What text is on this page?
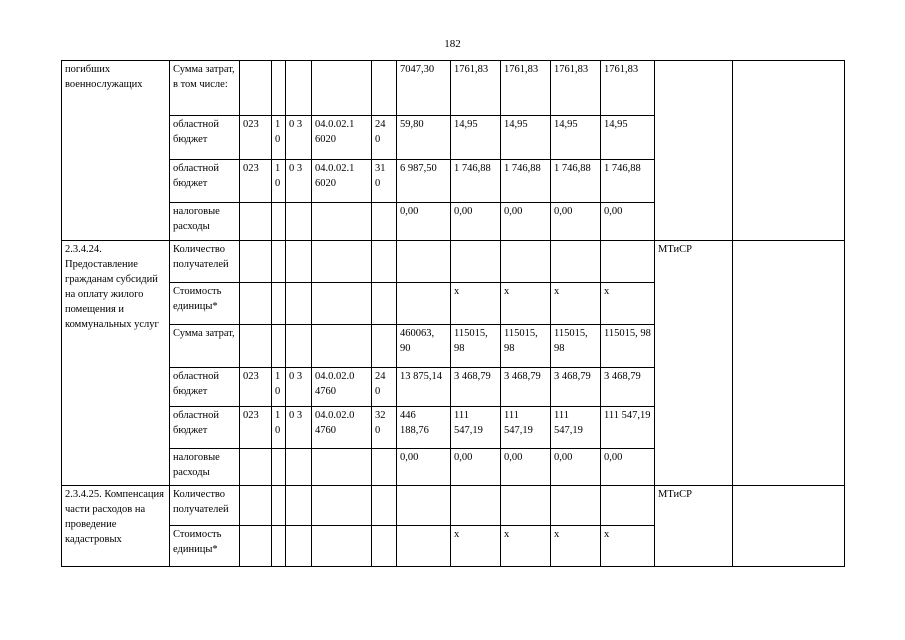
182
погибших военнослужащих	Сумма затрат, в том числе:						7047,30	1761,83	1761,83	1761,83	1761,83		
	областной бюджет	023	1 0	0 3	04.0.02.1 6020	24 0	59,80	14,95	14,95	14,95	14,95		
	областной бюджет	023	1 0	0 3	04.0.02.1 6020	31 0	6 987,50	1 746,88	1 746,88	1 746,88	1 746,88		
	налоговые расходы						0,00	0,00	0,00	0,00	0,00		
2.3.4.24. Предоставление гражданам субсидий на оплату жилого помещения и коммунальных услуг	Количество получателей											МТиСР	
	Стоимость единицы*							х	х	х	х		
	Сумма затрат,						460063, 90	115015, 98	115015, 98	115015, 98	115015, 98		
	областной бюджет	023	1 0	0 3	04.0.02.0 4760	24 0	13 875,14	3 468,79	3 468,79	3 468,79	3 468,79		
	областной бюджет	023	1 0	0 3	04.0.02.0 4760	32 0	446 188,76	111 547,19	111 547,19	111 547,19	111 547,19		
	налоговые расходы						0,00	0,00	0,00	0,00	0,00		
2.3.4.25. Компенсация части расходов на проведение кадастровых	Количество получателей											МТиСР	
	Стоимость единицы*							х	х	х	х		
